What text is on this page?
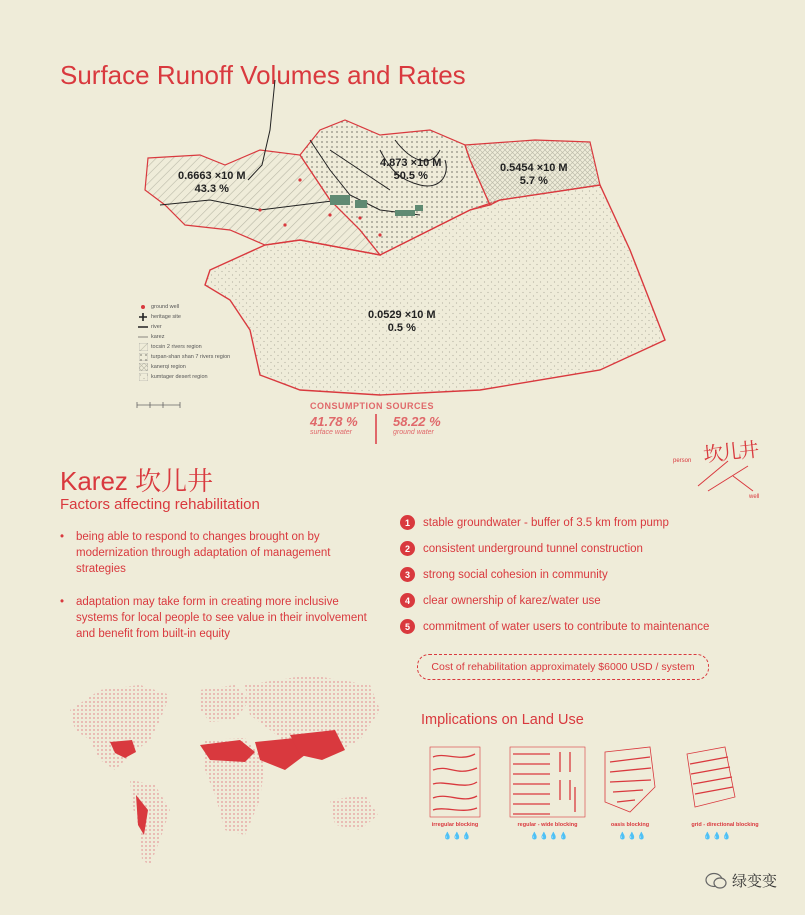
Surface Runoff Volumes and Rates
0.6663 ×10 M
43.3 %
4.873 ×10 M
50.5 %
0.5454 ×10 M
5.7 %
0.0529 ×10 M
0.5 %
ground well
heritage site
river
karez
tocsin 2 rivers region
turpan-shan shan 7 rivers region
kanerqi region
kumtager desert region
CONSUMPTION SOURCES
41.78 %
surface water
58.22 %
ground water
person 坎儿井
well
Karez 坎儿井
Factors affecting rehabilitation
• being able to respond to changes brought on by modernization through adaptation of management strategies
• adaptation may take form in creating more inclusive systems for local people to see value in their involvement and benefit from built-in equity
1	stable groundwater - buffer of 3.5 km from pump
2	consistent underground tunnel construction
3	strong social cohesion in community
4	clear ownership of karez/water use
5	commitment of water users to contribute to maintenance
Cost of rehabilitation approximately $6000 USD / system
Implications on Land Use
irregular blocking	regular - wide blocking	oasis blocking	grid - directional blocking
💧💧💧	💧💧💧💧	💧💧💧	💧💧💧
绿变变
